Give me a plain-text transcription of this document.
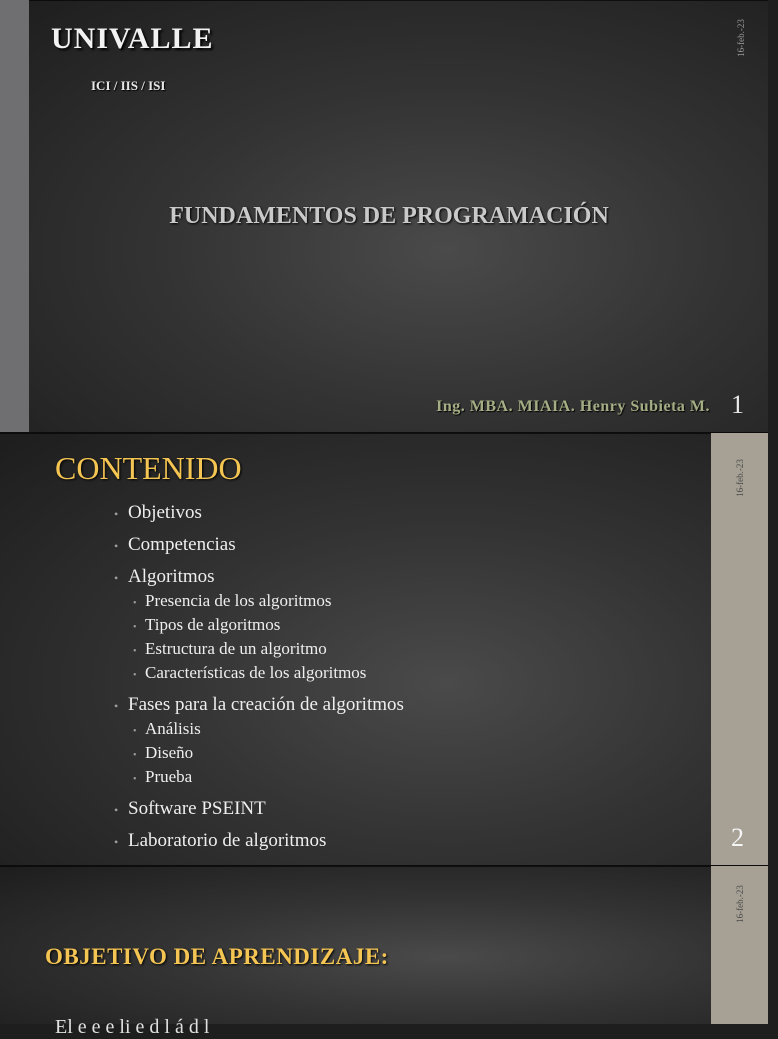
UNIVALLE
ICI / IIS / ISI
16-feb.-23
FUNDAMENTOS DE PROGRAMACIÓN
Ing. MBA. MIAIA. Henry Subieta M. 1
16-feb.-23
CONTENIDO
• Objetivos
• Competencias
• Algoritmos
• Presencia de los algoritmos
• Tipos de algoritmos
• Estructura de un algoritmo
• Características de los algoritmos
• Fases para la creación de algoritmos
• Análisis
• Diseño
• Prueba
• Software PSEINT
• Laboratorio de algoritmos	2
16-feb.-23
OBJETIVO DE APRENDIZAJE:
El e e e li e d l á d l
